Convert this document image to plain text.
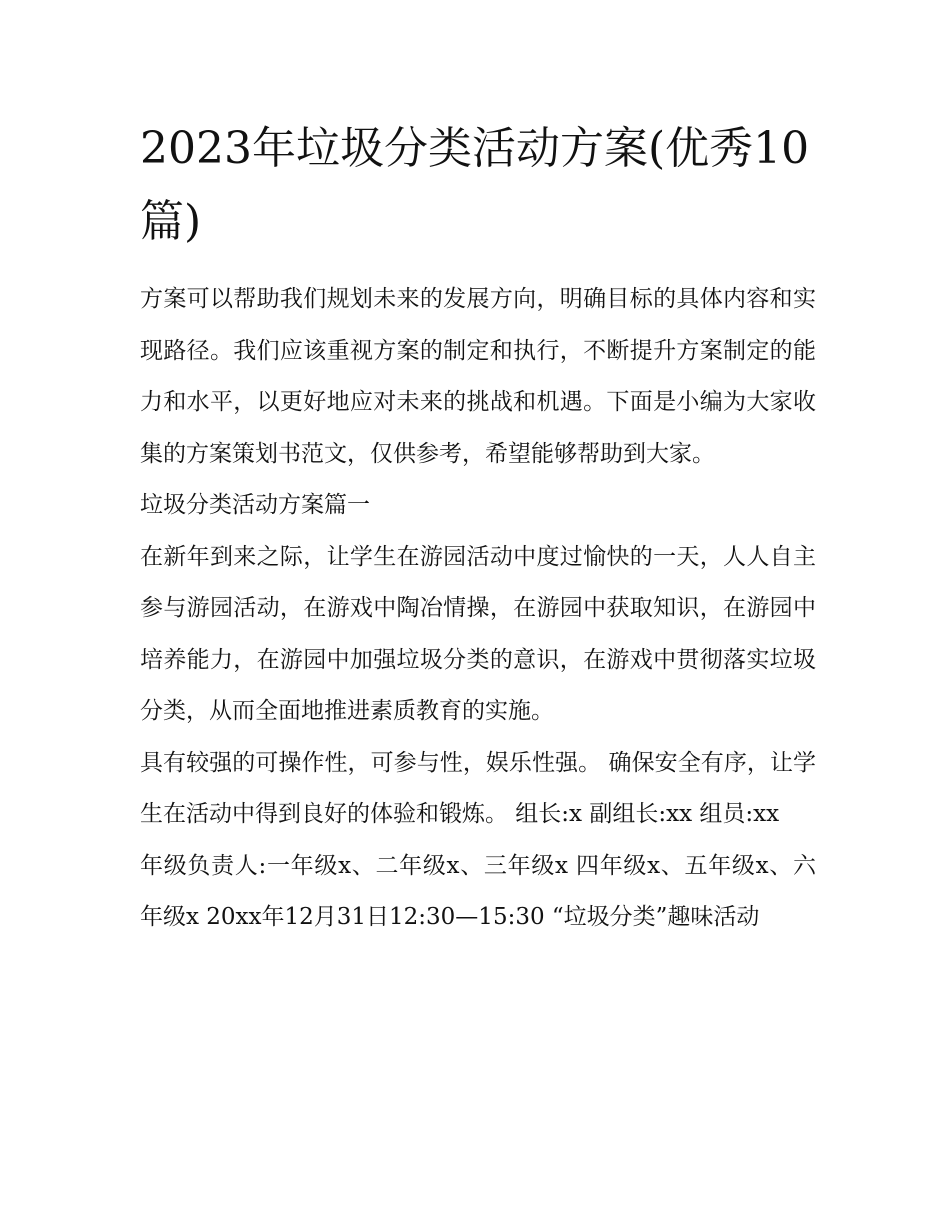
2023年垃圾分类活动方案(优秀10篇)

方案可以帮助我们规划未来的发展方向，明确目标的具体内容和实现路径。我们应该重视方案的制定和执行，不断提升方案制定的能力和水平，以更好地应对未来的挑战和机遇。下面是小编为大家收集的方案策划书范文，仅供参考，希望能够帮助到大家。

垃圾分类活动方案篇一

在新年到来之际，让学生在游园活动中度过愉快的一天，人人自主参与游园活动，在游戏中陶冶情操，在游园中获取知识，在游园中培养能力，在游园中加强垃圾分类的意识，在游戏中贯彻落实垃圾分类，从而全面地推进素质教育的实施。

具有较强的可操作性，可参与性，娱乐性强。 确保安全有序，让学生在活动中得到良好的体验和锻炼。 组长:x 副组长:xx 组员:xx

年级负责人:一年级x、二年级x、三年级x 四年级x、五年级x、六年级x 20xx年12月31日12:30—15:30 “垃圾分类”趣味活动
